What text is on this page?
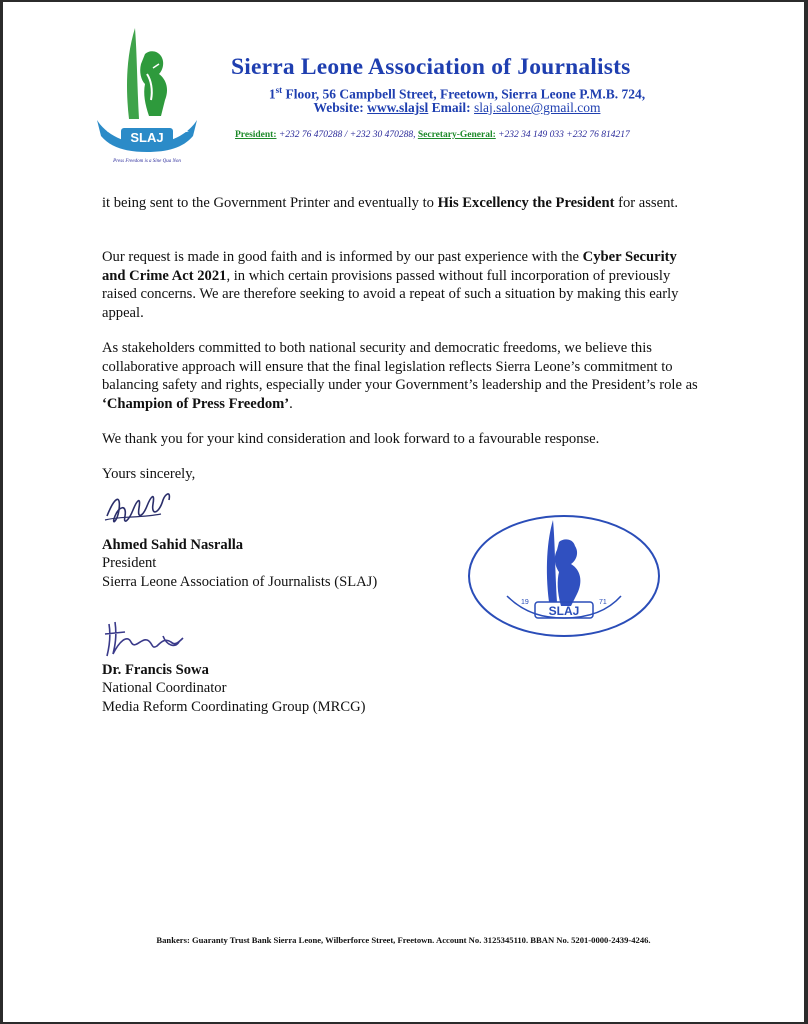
SLAJ
19	71
Press Freedom is a Sine Qua Non
Sierra Leone Association of Journalists
1st Floor, 56 Campbell Street, Freetown, Sierra Leone P.M.B. 724,
Website: www.slajsl Email: slaj.salone@gmail.com
President: +232 76 470288 / +232 30 470288, Secretary-General: +232 34 149 033 +232 76 814217
it being sent to the Government Printer and eventually to His Excellency the President for assent.
Our request is made in good faith and is informed by our past experience with the Cyber Security and Crime Act 2021, in which certain provisions passed without full incorporation of previously raised concerns. We are therefore seeking to avoid a repeat of such a situation by making this early appeal.
As stakeholders committed to both national security and democratic freedoms, we believe this collaborative approach will ensure that the final legislation reflects Sierra Leone’s commitment to balancing safety and rights, especially under your Government’s leadership and the President’s role as ‘Champion of Press Freedom’.
We thank you for your kind consideration and look forward to a favourable response.
Yours sincerely,
Ahmed Sahid Nasralla
President
Sierra Leone Association of Journalists (SLAJ)
SLAJ
19	71
Dr. Francis Sowa
National Coordinator
Media Reform Coordinating Group (MRCG)
Bankers: Guaranty Trust Bank Sierra Leone, Wilberforce Street, Freetown. Account No. 3125345110. BBAN No. 5201-0000-2439-4246.
